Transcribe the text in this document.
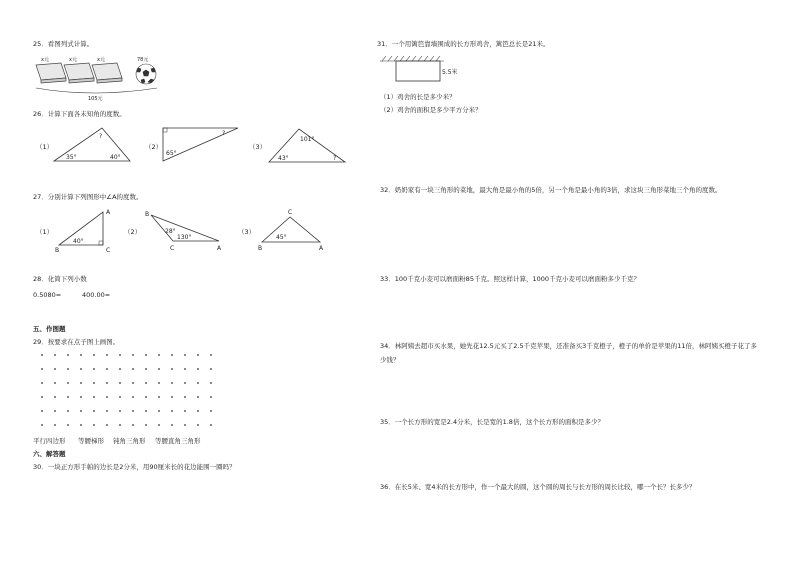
25．看图列式计算。
x元	x元	x元	78元
105元
26．计算下面各未知角的度数。
（1）
?
35°	40°
（2）
?
65°
（3）
101°
43°	?
27．分别计算下列图形中∠A的度数。
（1）
A
B	C
40°
（2）
B
C	A
28°
130°
（3）
C
B	A
45°
28．化简下列小数
0.5080=	400.00=
五、作图题
29．按要求在点子图上画图。
平行四边形 等腰梯形 钝角三角形 等腰直角三角形
六、解答题
30．一块正方形手帕的边长是2分米，用90厘米长的花边能围一圈吗？
31．一个用篱笆靠墙围成的长方形鸡舍，篱笆总长是21米。
5.5米
（1）鸡舍的长是多少米？
（2）鸡舍的面积是多少平方分米？
32．奶奶家有一块三角形的菜地，最大角是最小角的5倍，另一个角是最小角的3倍，求这块三角形菜地三个角的度数。
33．100千克小麦可以磨面粉85千克。照这样计算，1000千克小麦可以磨面粉多少千克？
34．林阿姨去超市买水果，她先花12.5元买了2.5千克苹果，还准备买3千克橙子，橙子的单价是苹果的11倍，林阿姨买橙子花了多少钱？
35．一个长方形的宽是2.4分米，长是宽的1.8倍，这个长方形的面积是多少？
36．在长5米、宽4米的长方形中，作一个最大的圆，这个圆的周长与长方形的周长比较，哪一个长？长多少？
